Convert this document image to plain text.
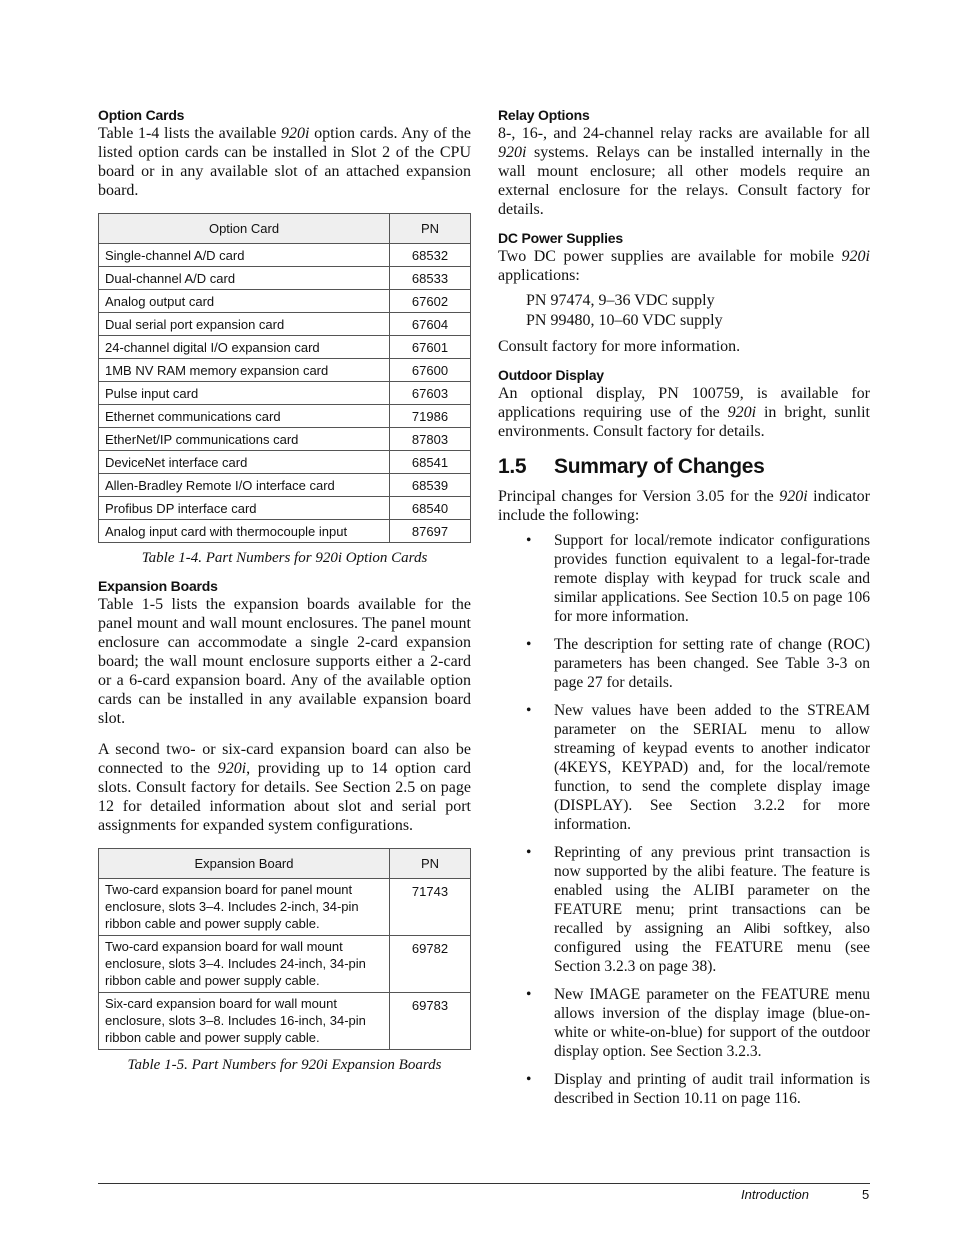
Option Cards

Table 1-4 lists the available 920i option cards. Any of the listed option cards can be installed in Slot 2 of the CPU board or in any available slot of an attached expansion board.

Option Card	PN
Single-channel A/D card	68532
Dual-channel A/D card	68533
Analog output card	67602
Dual serial port expansion card	67604
24-channel digital I/O expansion card	67601
1MB NV RAM memory expansion card	67600
Pulse input card	67603
Ethernet communications card	71986
EtherNet/IP communications card	87803
DeviceNet interface card	68541
Allen-Bradley Remote I/O interface card	68539
Profibus DP interface card	68540
Analog input card with thermocouple input	87697
Table 1-4. Part Numbers for 920i Option Cards
Expansion Boards

Table 1-5 lists the expansion boards available for the panel mount and wall mount enclosures. The panel mount enclosure can accommodate a single 2-card expansion board; the wall mount enclosure supports either a 2-card or a 6-card expansion board. Any of the available option cards can be installed in any available expansion board slot.

A second two- or six-card expansion board can also be connected to the 920i, providing up to 14 option card slots. Consult factory for details. See Section 2.5 on page 12 for detailed information about slot and serial port assignments for expanded system configurations.

Expansion Board	PN
Two-card expansion board for panel mount enclosure, slots 3–4. Includes 2-inch, 34-pin ribbon cable and power supply cable.	71743
Two-card expansion board for wall mount enclosure, slots 3–4. Includes 24-inch, 34-pin ribbon cable and power supply cable.	69782
Six-card expansion board for wall mount enclosure, slots 3–8. Includes 16-inch, 34-pin ribbon cable and power supply cable.	69783
Table 1-5. Part Numbers for 920i Expansion Boards
Relay Options

8-, 16-, and 24-channel relay racks are available for all 920i systems. Relays can be installed internally in the wall mount enclosure; all other models require an external enclosure for the relays. Consult factory for details.

DC Power Supplies

Two DC power supplies are available for mobile 920i applications:

PN 97474, 9–36 VDC supply
PN 99480, 10–60 VDC supply

Consult factory for more information.

Outdoor Display

An optional display, PN 100759, is available for applications requiring use of the 920i in bright, sunlit environments. Consult factory for details.

1.5 Summary of Changes

Principal changes for Version 3.05 for the 920i indicator include the following:

• Support for local/remote indicator configurations provides function equivalent to a legal-for-trade remote display with keypad for truck scale and similar applications. See Section 10.5 on page 106 for more information.
• The description for setting rate of change (ROC) parameters has been changed. See Table 3-3 on page 27 for details.
• New values have been added to the STREAM parameter on the SERIAL menu to allow streaming of keypad events to another indicator (4KEYS, KEYPAD) and, for the local/remote function, to send the complete display image (DISPLAY). See Section 3.2.2 for more information.
• Reprinting of any previous print transaction is now supported by the alibi feature. The feature is enabled using the ALIBI parameter on the FEATURE menu; print transactions can be recalled by assigning an Alibi softkey, also configured using the FEATURE menu (see Section 3.2.3 on page 38).
• New IMAGE parameter on the FEATURE menu allows inversion of the display image (blue-on-white or white-on-blue) for support of the outdoor display option. See Section 3.2.3.
• Display and printing of audit trail information is described in Section 10.11 on page 116.
Introduction	5
